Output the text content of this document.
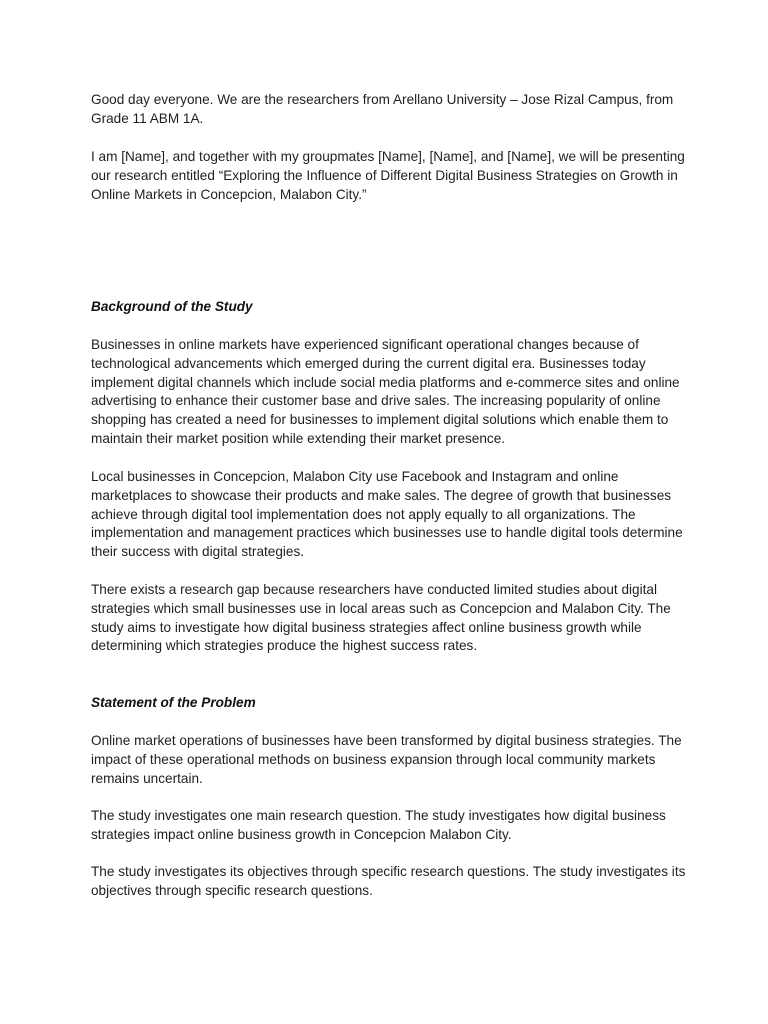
Good day everyone. We are the researchers from Arellano University – Jose Rizal Campus, from Grade 11 ABM 1A.

I am [Name], and together with my groupmates [Name], [Name], and [Name], we will be presenting our research entitled “Exploring the Influence of Different Digital Business Strategies on Growth in Online Markets in Concepcion, Malabon City.”

Background of the Study

Businesses in online markets have experienced significant operational changes because of technological advancements which emerged during the current digital era. Businesses today implement digital channels which include social media platforms and e-commerce sites and online advertising to enhance their customer base and drive sales. The increasing popularity of online shopping has created a need for businesses to implement digital solutions which enable them to maintain their market position while extending their market presence.

Local businesses in Concepcion, Malabon City use Facebook and Instagram and online marketplaces to showcase their products and make sales. The degree of growth that businesses achieve through digital tool implementation does not apply equally to all organizations. The implementation and management practices which businesses use to handle digital tools determine their success with digital strategies.

There exists a research gap because researchers have conducted limited studies about digital strategies which small businesses use in local areas such as Concepcion and Malabon City. The study aims to investigate how digital business strategies affect online business growth while determining which strategies produce the highest success rates.

Statement of the Problem

Online market operations of businesses have been transformed by digital business strategies. The impact of these operational methods on business expansion through local community markets remains uncertain.

The study investigates one main research question. The study investigates how digital business strategies impact online business growth in Concepcion Malabon City.

The study investigates its objectives through specific research questions. The study investigates its objectives through specific research questions.
